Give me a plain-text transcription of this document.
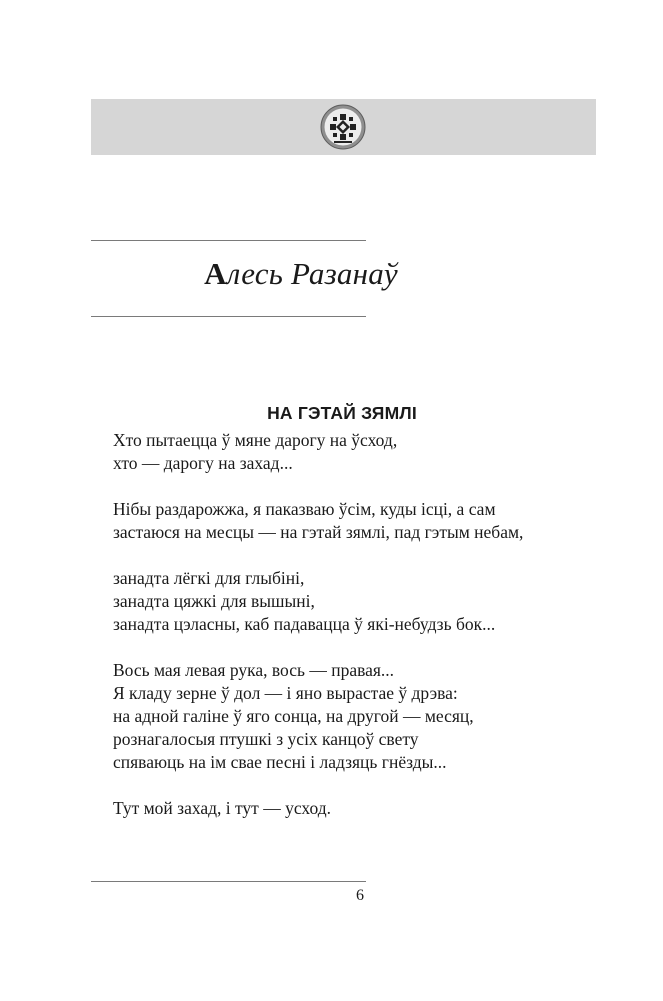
Алесь Разанаў
НА ГЭТАЙ ЗЯМЛІ
Хто пытаецца ў мяне дарогу на ўсход,
хто — дарогу на захад...
Нібы раздарожжа, я паказваю ўсім, куды ісці, а сам
застаюся на месцы — на гэтай зямлі, пад гэтым небам,
занадта лёгкі для глыбіні,
занадта цяжкі для вышыні,
занадта цэласны, каб падавацца ў які-небудзь бок...
Вось мая левая рука, вось — правая...
Я кладу зерне ў дол — і яно вырастае ў дрэва:
на адной галіне ў яго сонца, на другой — месяц,
рознагалосыя птушкі з усіх канцоў свету
спяваюць на ім свае песні і ладзяць гнёзды...
Тут мой захад, і тут — усход.
6
